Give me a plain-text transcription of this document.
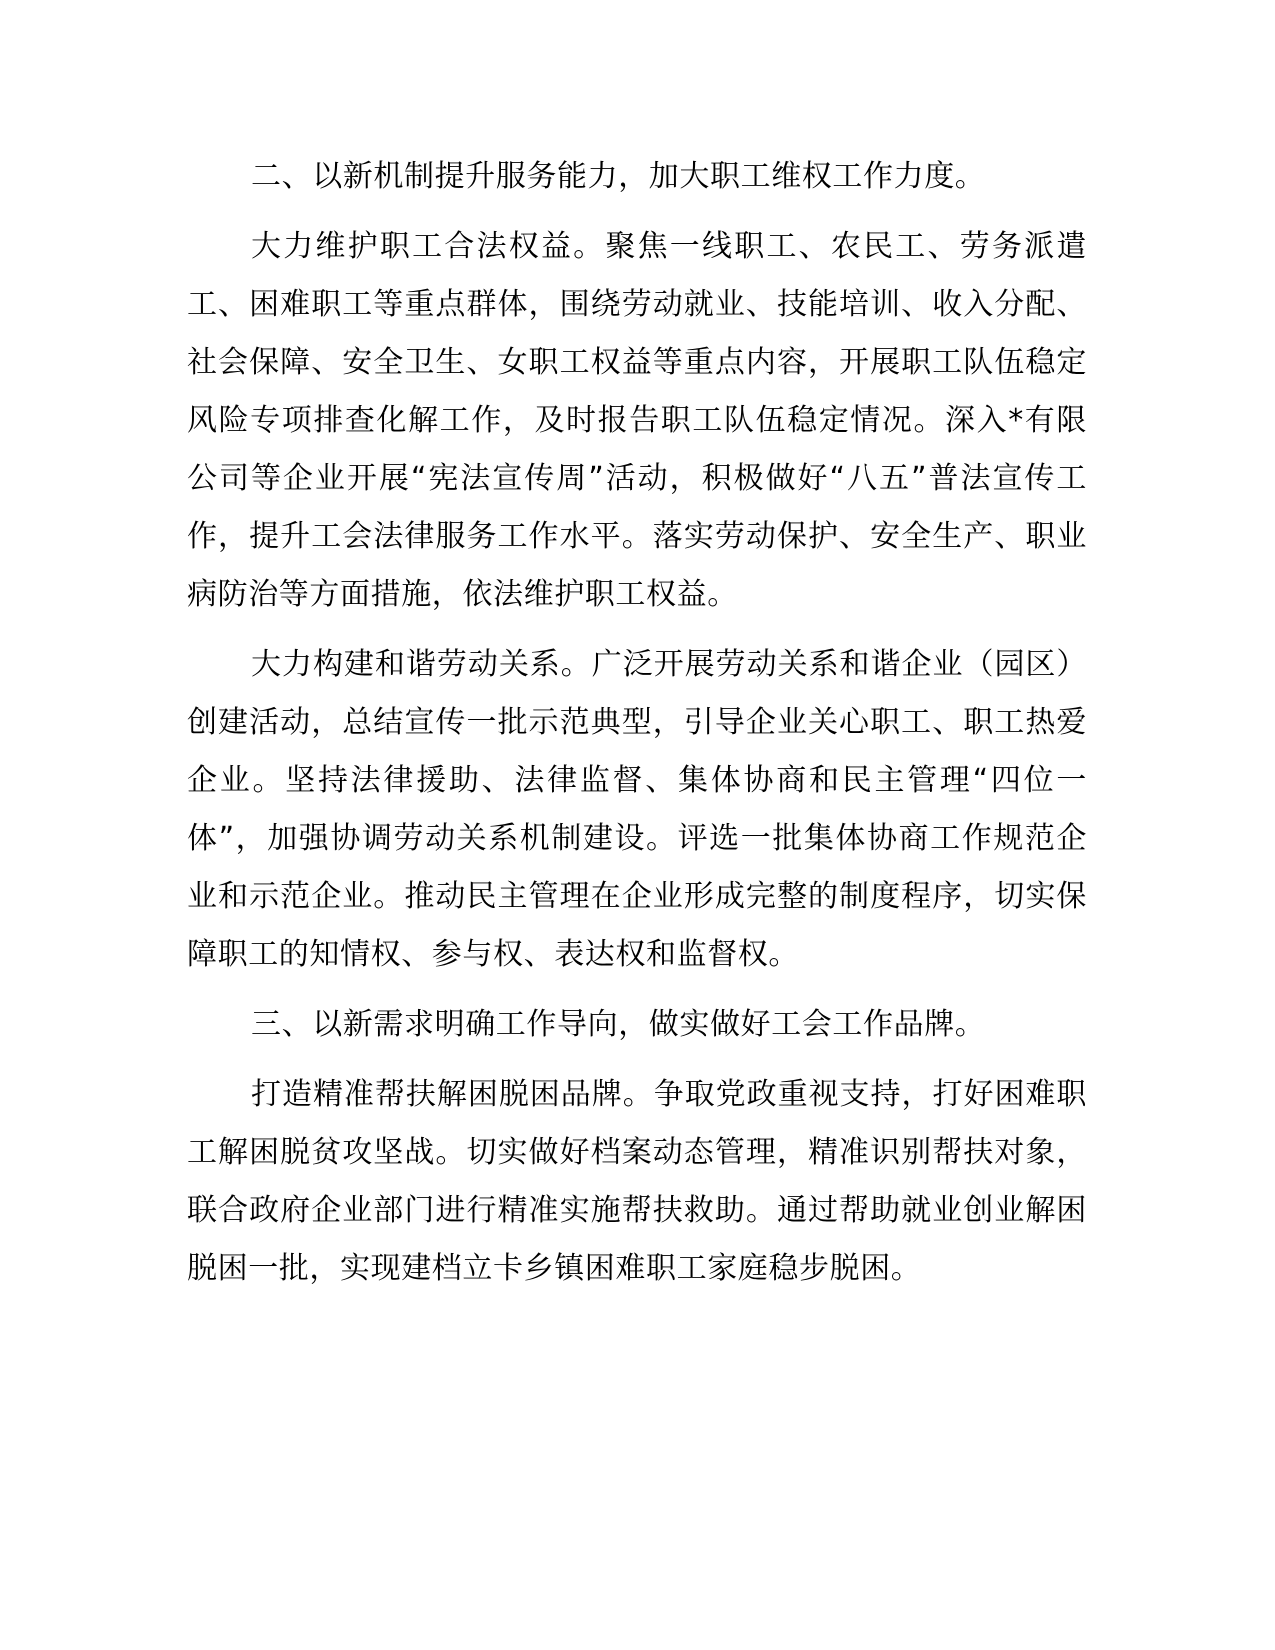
二、以新机制提升服务能力，加大职工维权工作力度。

大力维护职工合法权益。聚焦一线职工、农民工、劳务派遣工、困难职工等重点群体，围绕劳动就业、技能培训、收入分配、社会保障、安全卫生、女职工权益等重点内容，开展职工队伍稳定风险专项排查化解工作，及时报告职工队伍稳定情况。深入*有限公司等企业开展“宪法宣传周”活动，积极做好“八五”普法宣传工作，提升工会法律服务工作水平。落实劳动保护、安全生产、职业病防治等方面措施，依法维护职工权益。

大力构建和谐劳动关系。广泛开展劳动关系和谐企业（园区）创建活动，总结宣传一批示范典型，引导企业关心职工、职工热爱企业。坚持法律援助、法律监督、集体协商和民主管理“四位一体”，加强协调劳动关系机制建设。评选一批集体协商工作规范企业和示范企业。推动民主管理在企业形成完整的制度程序，切实保障职工的知情权、参与权、表达权和监督权。

三、以新需求明确工作导向，做实做好工会工作品牌。

打造精准帮扶解困脱困品牌。争取党政重视支持，打好困难职工解困脱贫攻坚战。切实做好档案动态管理，精准识别帮扶对象，联合政府企业部门进行精准实施帮扶救助。通过帮助就业创业解困脱困一批，实现建档立卡乡镇困难职工家庭稳步脱困。
